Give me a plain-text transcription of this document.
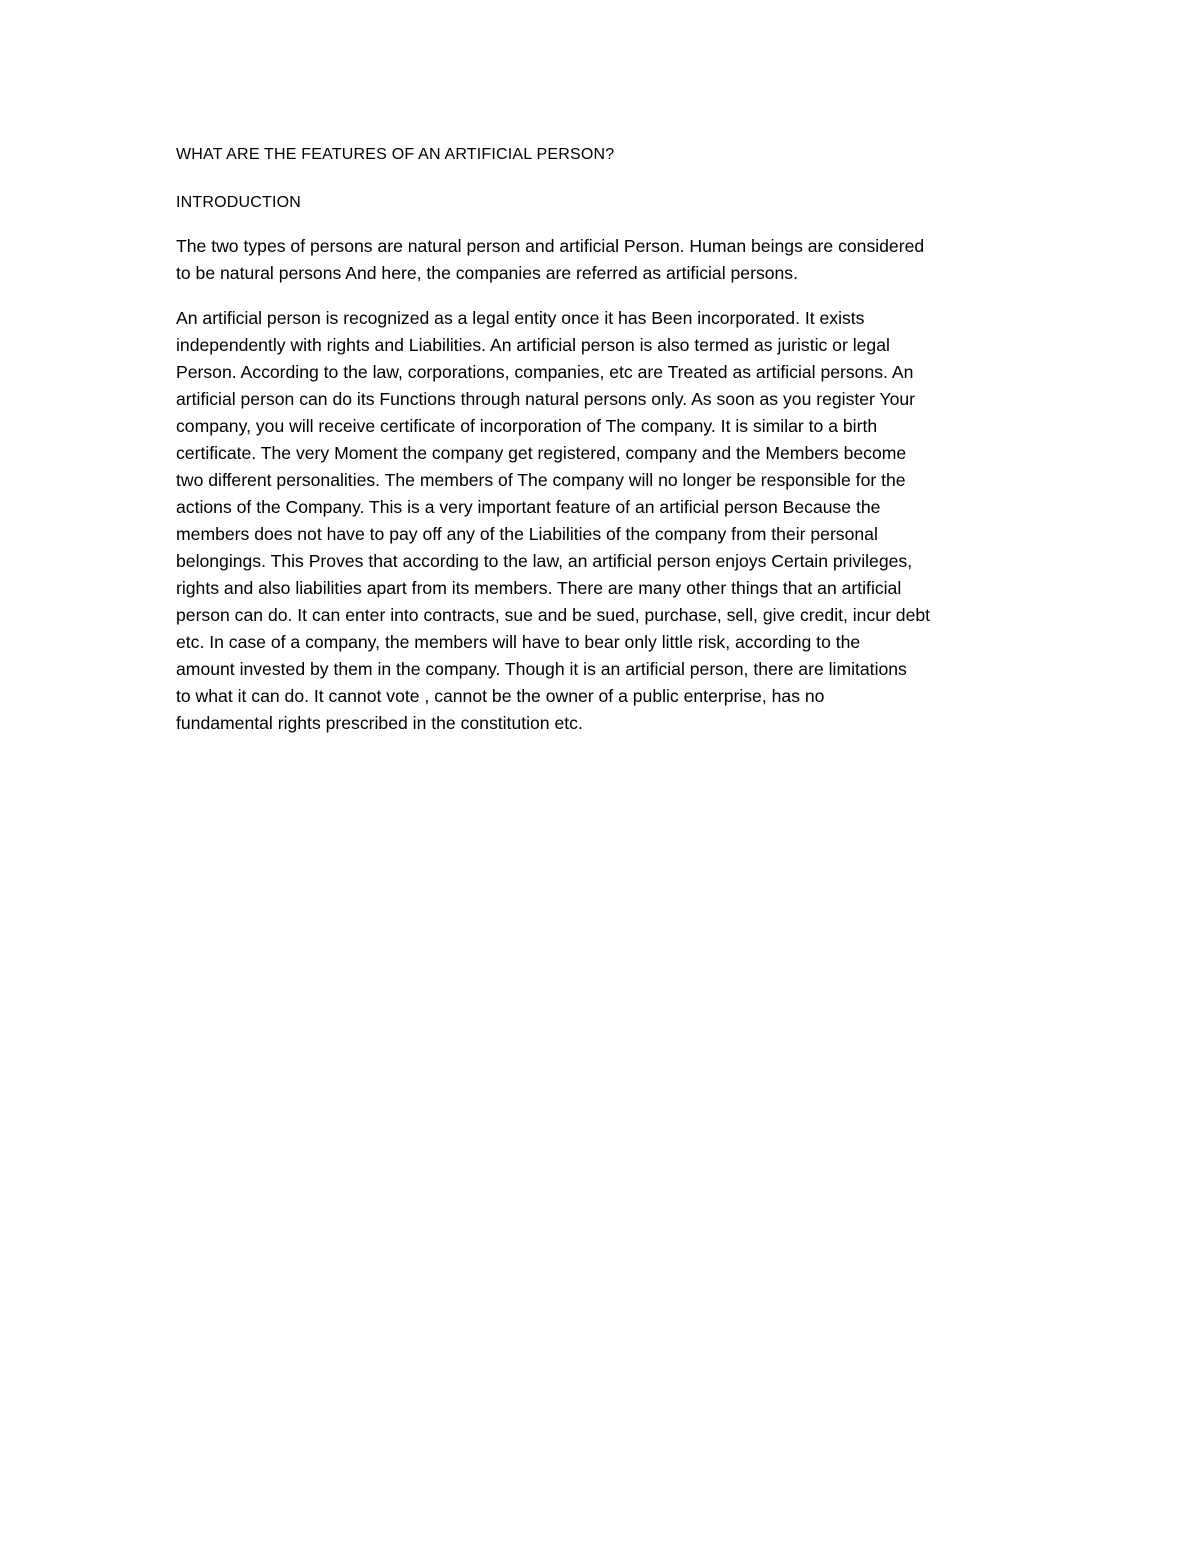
WHAT ARE THE FEATURES OF AN ARTIFICIAL PERSON?

INTRODUCTION

The two types of persons are natural person and artificial Person. Human beings are considered
to be natural persons And here, the companies are referred as artificial persons.

An artificial person is recognized as a legal entity once it has Been incorporated. It exists
independently with rights and Liabilities. An artificial person is also termed as juristic or legal
Person. According to the law, corporations, companies, etc are Treated as artificial persons. An
artificial person can do its Functions through natural persons only. As soon as you register Your
company, you will receive certificate of incorporation of The company. It is similar to a birth
certificate. The very Moment the company get registered, company and the Members become
two different personalities. The members of The company will no longer be responsible for the
actions of the Company. This is a very important feature of an artificial person Because the
members does not have to pay off any of the Liabilities of the company from their personal
belongings. This Proves that according to the law, an artificial person enjoys Certain privileges,
rights and also liabilities apart from its members. There are many other things that an artificial
person can do. It can enter into contracts, sue and be sued, purchase, sell, give credit, incur debt
etc. In case of a company, the members will have to bear only little risk, according to the
amount invested by them in the company. Though it is an artificial person, there are limitations
to what it can do. It cannot vote , cannot be the owner of a public enterprise, has no
fundamental rights prescribed in the constitution etc.
